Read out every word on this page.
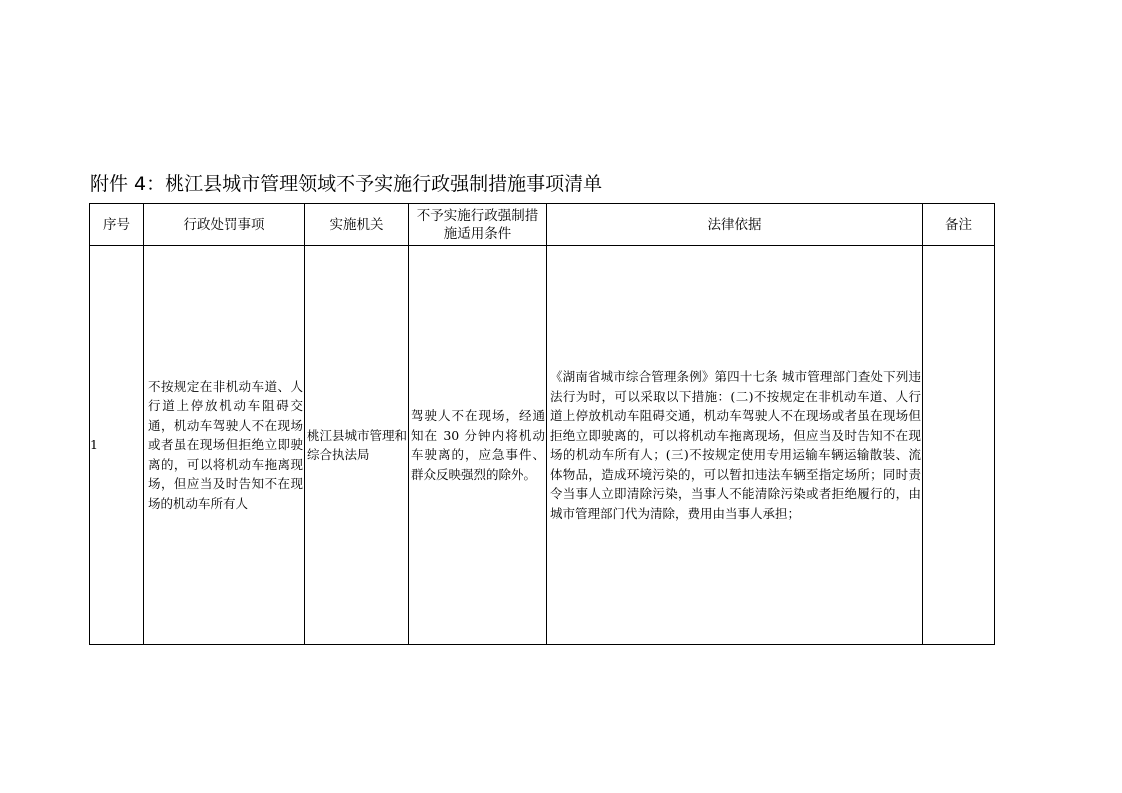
附件 4：桃江县城市管理领域不予实施行政强制措施事项清单
序号	行政处罚事项	实施机关	不予实施行政强制措施适用条件	法律依据	备注
1	不按规定在非机动车道、人行道上停放机动车阻碍交通，机动车驾驶人不在现场或者虽在现场但拒绝立即驶离的，可以将机动车拖离现场，但应当及时告知不在现场的机动车所有人	桃江县城市管理和综合执法局	驾驶人不在现场，经通知在 30 分钟内将机动车驶离的，应急事件、群众反映强烈的除外。	《湖南省城市综合管理条例》第四十七条 城市管理部门查处下列违法行为时，可以采取以下措施：(二)不按规定在非机动车道、人行道上停放机动车阻碍交通，机动车驾驶人不在现场或者虽在现场但拒绝立即驶离的，可以将机动车拖离现场，但应当及时告知不在现场的机动车所有人；(三)不按规定使用专用运输车辆运输散装、流体物品，造成环境污染的，可以暂扣违法车辆至指定场所；同时责令当事人立即清除污染，当事人不能清除污染或者拒绝履行的，由城市管理部门代为清除，费用由当事人承担；	
